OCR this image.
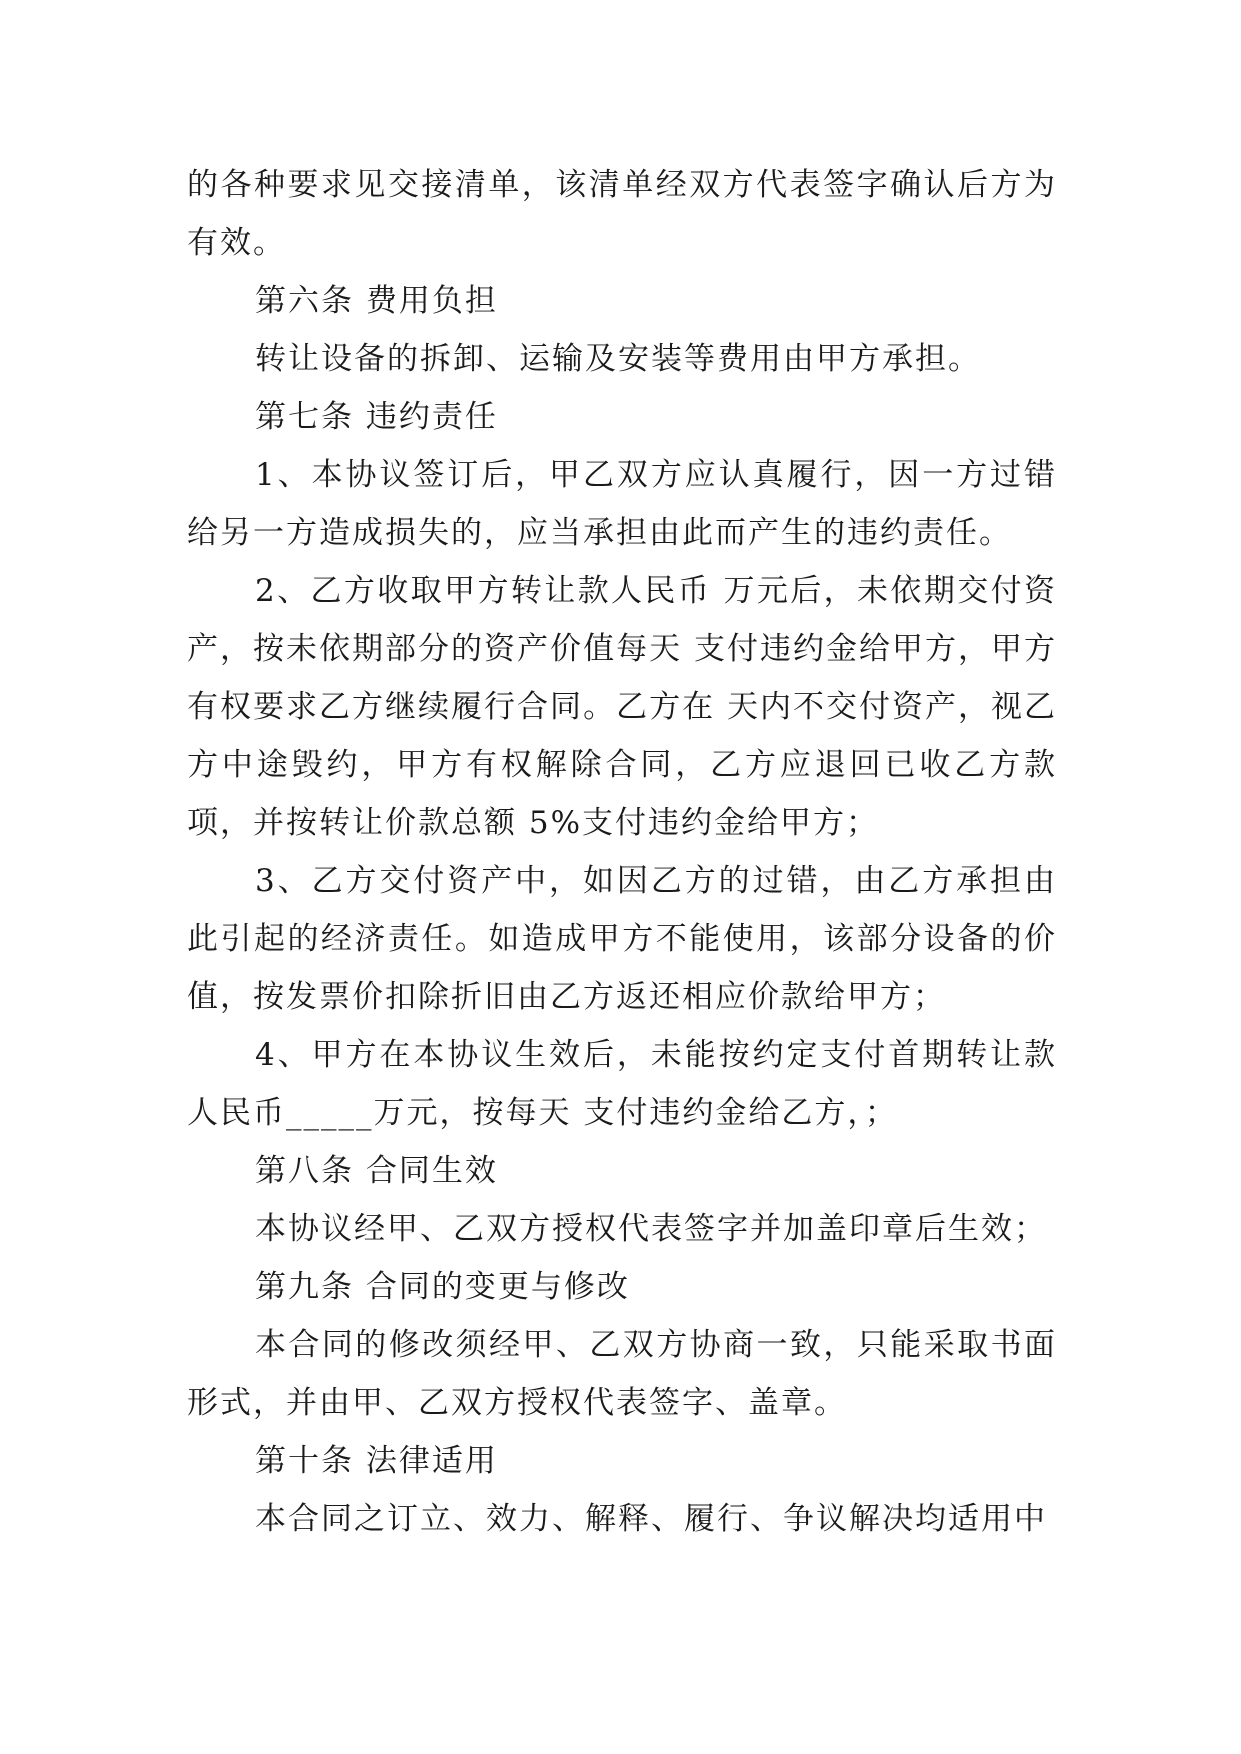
的各种要求见交接清单，该清单经双方代表签字确认后方为有效。

第六条 费用负担

转让设备的拆卸、运输及安装等费用由甲方承担。

第七条 违约责任

1、本协议签订后，甲乙双方应认真履行，因一方过错给另一方造成损失的，应当承担由此而产生的违约责任。

2、乙方收取甲方转让款人民币 万元后，未依期交付资产，按未依期部分的资产价值每天 支付违约金给甲方，甲方有权要求乙方继续履行合同。乙方在 天内不交付资产，视乙方中途毁约，甲方有权解除合同，乙方应退回已收乙方款项，并按转让价款总额 5%支付违约金给甲方；

3、乙方交付资产中，如因乙方的过错，由乙方承担由此引起的经济责任。如造成甲方不能使用，该部分设备的价值，按发票价扣除折旧由乙方返还相应价款给甲方；

4、甲方在本协议生效后，未能按约定支付首期转让款人民币_____万元，按每天 支付违约金给乙方，；

第八条 合同生效

本协议经甲、乙双方授权代表签字并加盖印章后生效；

第九条 合同的变更与修改

本合同的修改须经甲、乙双方协商一致，只能采取书面形式，并由甲、乙双方授权代表签字、盖章。

第十条 法律适用

本合同之订立、效力、解释、履行、争议解决均适用中
